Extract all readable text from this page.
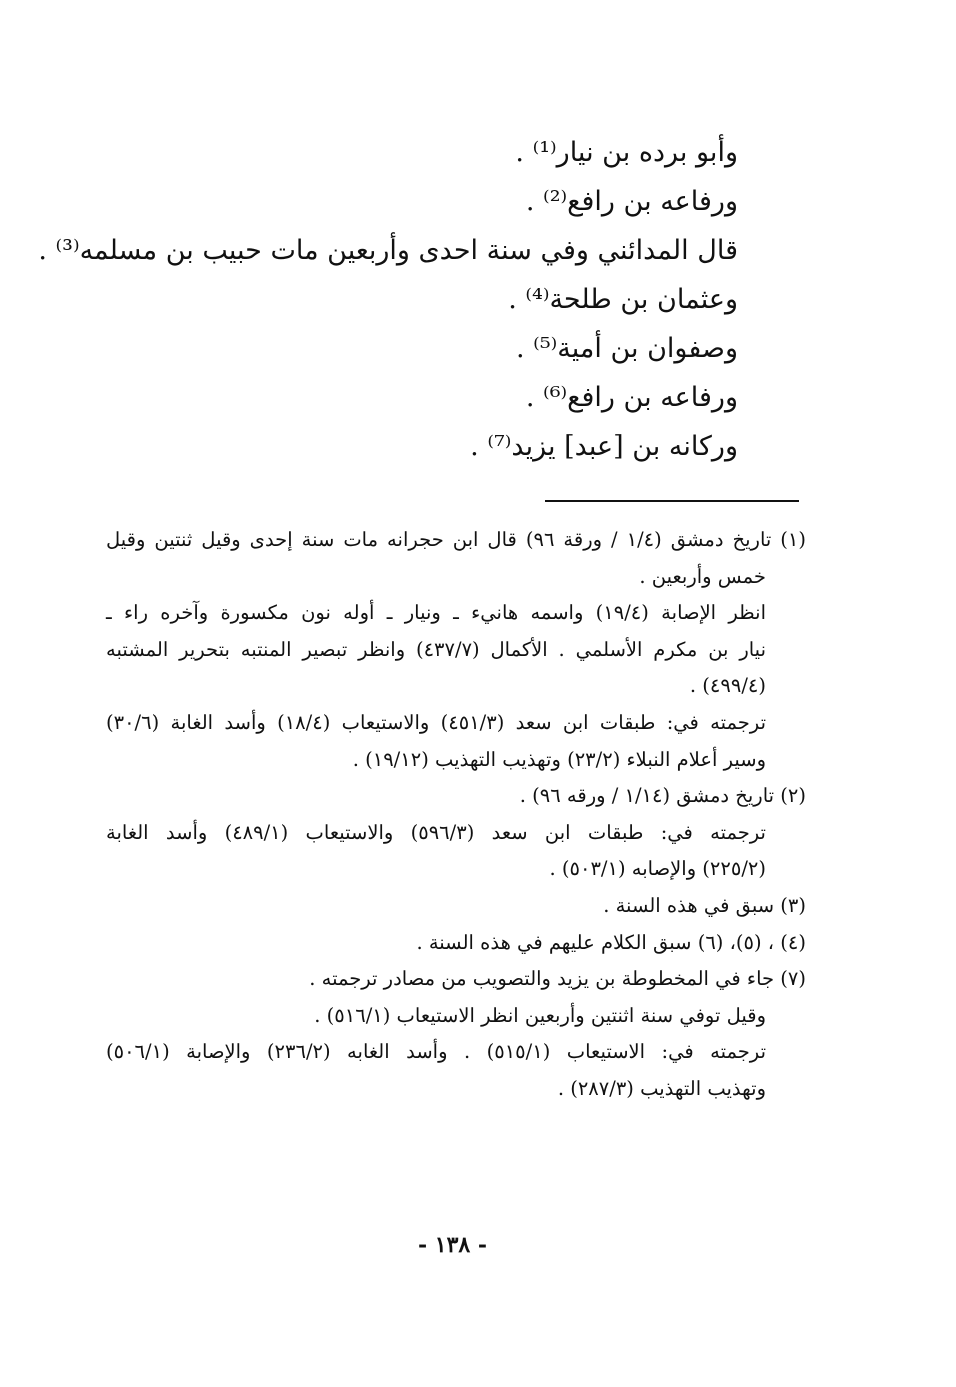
وأبو برده بن نيار⁽¹⁾ .
ورفاعه بن رافع⁽²⁾ .
قال المدائني وفي سنة احدى وأربعين مات حبيب بن مسلمه⁽³⁾ .
وعثمان بن طلحة⁽⁴⁾ .
وصفوان بن أمية⁽⁵⁾ .
ورفاعه بن رافع⁽⁶⁾ .
وركانه بن [عبد] يزيد⁽⁷⁾ .
(١) تاريخ دمشق (١/٤ / ورقة ٩٦) قال ابن حجرانه مات سنة إحدى وقيل ثنتين وقيل
خمس وأربعين .
انظر الإصابة (١٩/٤) واسمه هانيء ـ ونيار ـ أوله نون مكسورة وآخره راء ـ
نيار بن مكرم الأسلمي . الأكمال (٤٣٧/٧) وانظر تبصير المنتبه بتحرير المشتبه
(٤٩٩/٤) .
ترجمته في: طبقات ابن سعد (٤٥١/٣) والاستيعاب (١٨/٤) وأسد الغابة (٣٠/٦)
وسير أعلام النبلاء (٢٣/٢) وتهذيب التهذيب (١٩/١٢) .
(٢) تاريخ دمشق (١/١٤ / ورقه ٩٦) .
ترجمته في: طبقات ابن سعد (٥٩٦/٣) والاستيعاب (٤٨٩/١) وأسد الغابة
(٢٢٥/٢) والإصابه (٥٠٣/١) .
(٣) سبق في هذه السنة .
(٤) ، (٥)، (٦) سبق الكلام عليهم في هذه السنة .
(٧) جاء في المخطوطة بن يزيد والتصويب من مصادر ترجمته .
وقيل توفي سنة اثنتين وأربعين انظر الاستيعاب (٥١٦/١) .
ترجمته في: الاستيعاب (٥١٥/١) . وأسد الغابه (٢٣٦/٢) والإصابة (٥٠٦/١)
وتهذيب التهذيب (٢٨٧/٣) .
- ١٣٨ -
